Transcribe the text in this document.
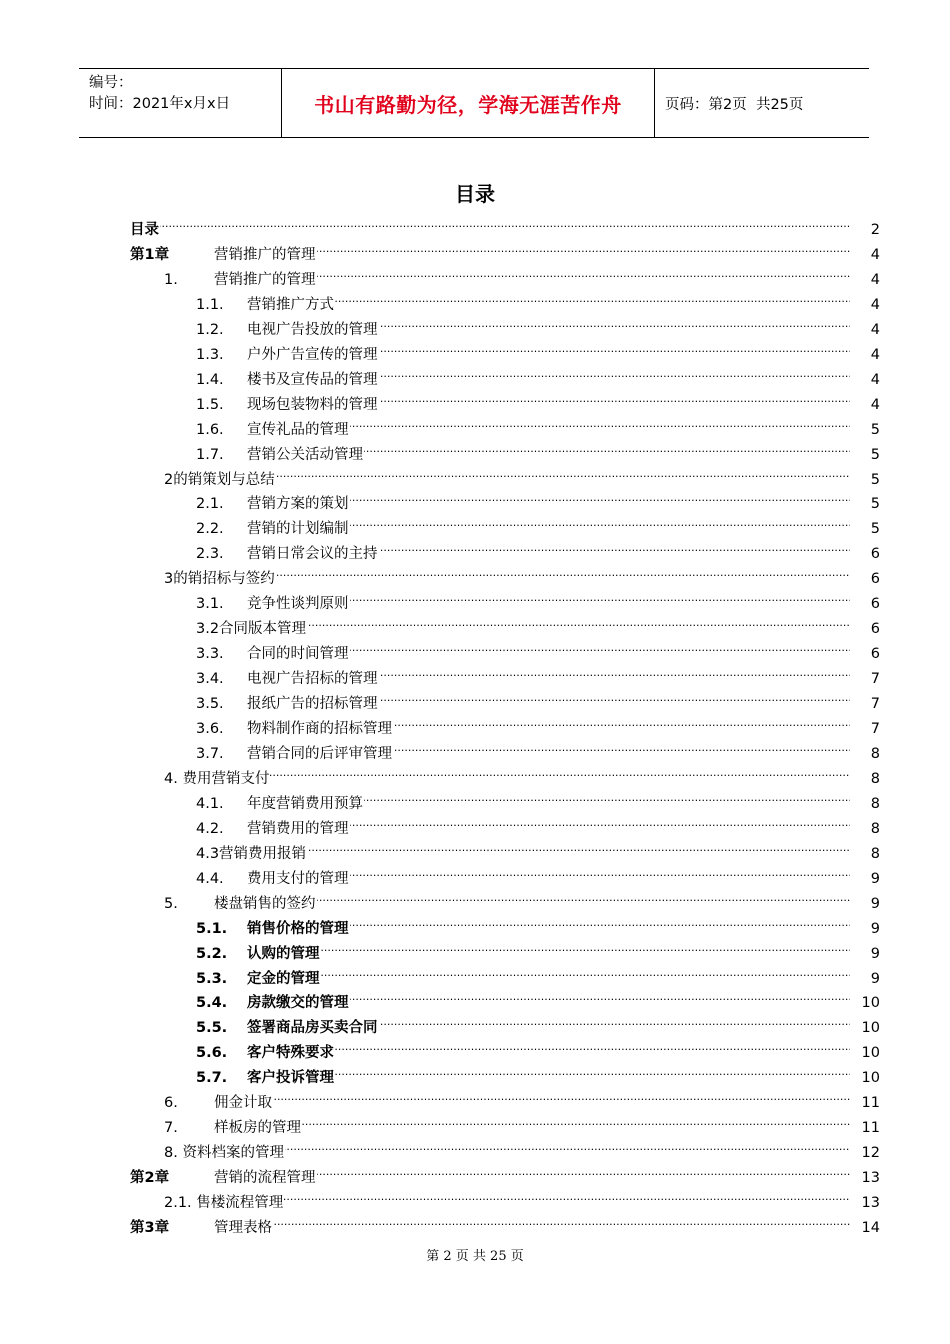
编号：
时间：2021年x月x日	书山有路勤为径，学海无涯苦作舟	页码：第2页  共25页
目录
.....
目录	2
.....
第1章	营销推广的管理	4
.....
1. 营销推广的管理	4
.....
1.1. 营销推广方式	4
.....
1.2. 电视广告投放的管理	4
.....
1.3. 户外广告宣传的管理	4
.....
1.4. 楼书及宣传品的管理	4
.....
1.5. 现场包装物料的管理	4
.....
1.6. 宣传礼品的管理	5
.....
1.7. 营销公关活动管理	5
.....
2的销策划与总结	5
.....
2.1. 营销方案的策划	5
.....
2.2. 营销的计划编制	5
.....
2.3. 营销日常会议的主持	6
.....
3的销招标与签约	6
.....
3.1. 竞争性谈判原则	6
.....
3.2合同版本管理	6
.....
3.3. 合同的时间管理	6
.....
3.4. 电视广告招标的管理	7
.....
3.5. 报纸广告的招标管理	7
.....
3.6. 物料制作商的招标管理	7
.....
3.7. 营销合同的后评审管理	8
.....
4. 费用营销支付	8
.....
4.1. 年度营销费用预算	8
.....
4.2. 营销费用的管理	8
.....
4.3营销费用报销	8
.....
4.4. 费用支付的管理	9
.....
5. 楼盘销售的签约	9
.....
5.1. 销售价格的管理	9
.....
5.2. 认购的管理	9
.....
5.3. 定金的管理	9
.....
5.4. 房款缴交的管理	10
.....
5.5. 签署商品房买卖合同	10
.....
5.6. 客户特殊要求	10
.....
5.7. 客户投诉管理	10
.....
6. 佣金计取	11
.....
7. 样板房的管理	11
.....
8. 资料档案的管理	12
.....
第2章	营销的流程管理	13
.....
2.1. 售楼流程管理	13
.....
第3章	管理表格	14
第 2 页 共 25 页
